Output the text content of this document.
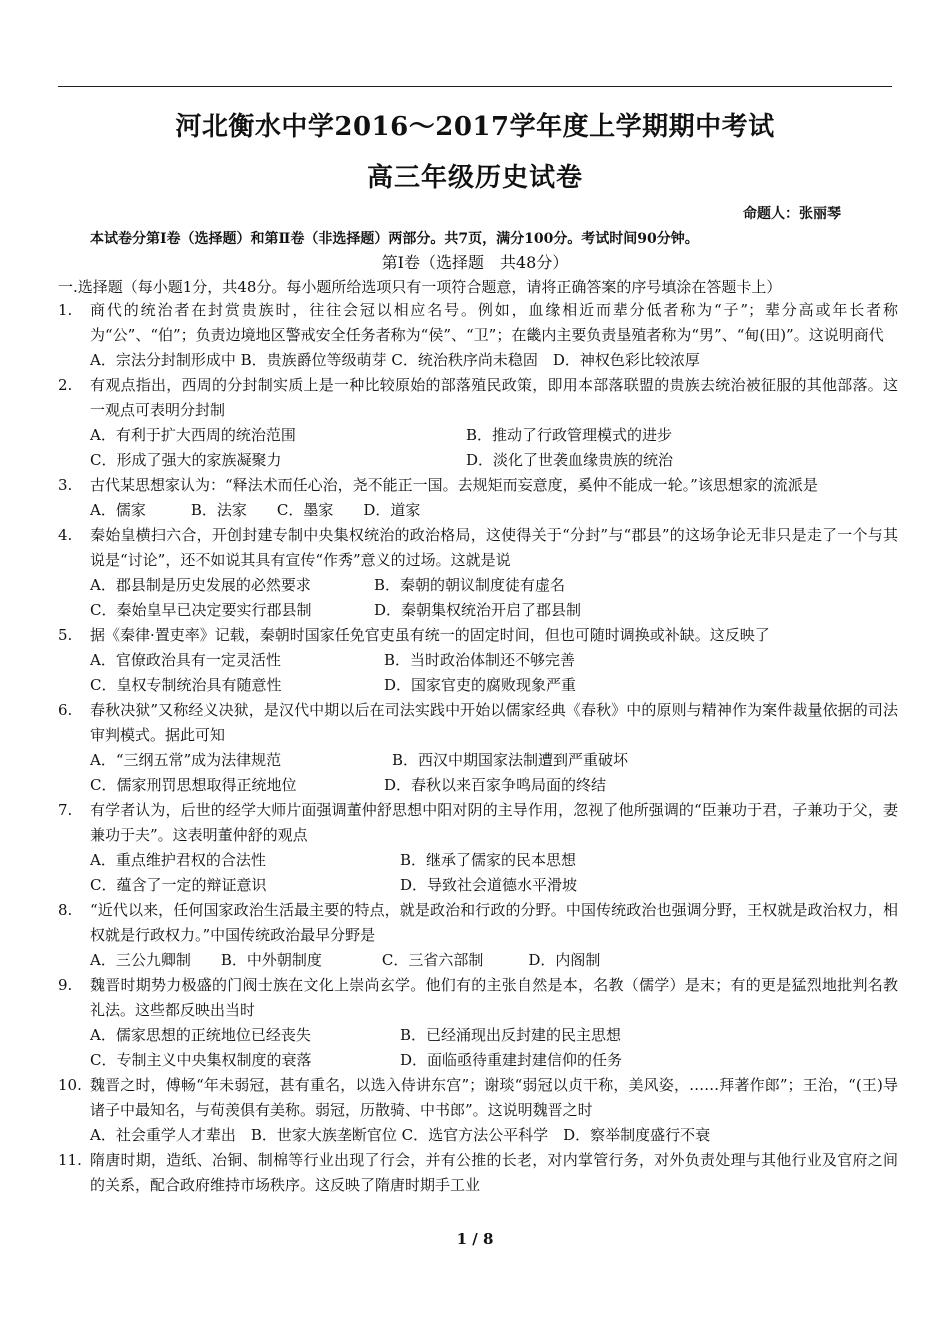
河北衡水中学2016～2017学年度上学期期中考试
高三年级历史试卷
命题人：张丽琴
本试卷分第Ⅰ卷（选择题）和第Ⅱ卷（非选择题）两部分。共7页，满分100分。考试时间90分钟。
第Ⅰ卷（选择题　共48分）
一.选择题（每小题1分，共48分。每小题所给选项只有一项符合题意，请将正确答案的序号填涂在答题卡上）
1. 商代的统治者在封赏贵族时，往往会冠以相应名号。例如，血缘相近而辈分低者称为“子”；辈分高或年长者称为“公”、“伯”；负责边境地区警戒安全任务者称为“侯”、“卫”；在畿内主要负责垦殖者称为“男”、“甸(田)”。这说明商代
A．宗法分封制形成中 B．贵族爵位等级萌芽 C．统治秩序尚未稳固　D．神权色彩比较浓厚
2. 有观点指出，西周的分封制实质上是一种比较原始的部落殖民政策，即用本部落联盟的贵族去统治被征服的其他部落。这一观点可表明分封制
A．有利于扩大西周的统治范围	B．推动了行政管理模式的进步
C．形成了强大的家族凝聚力	D．淡化了世袭血缘贵族的统治
3. 古代某思想家认为：“释法术而任心治，尧不能正一国。去规矩而妄意度，奚仲不能成一轮。”该思想家的流派是
A．儒家　　　B．法家　　C．墨家　　D．道家
4. 秦始皇横扫六合，开创封建专制中央集权统治的政治格局，这使得关于“分封”与“郡县”的这场争论无非只是走了一个与其说是“讨论”，还不如说其具有宣传“作秀”意义的过场。这就是说
A．郡县制是历史发展的必然要求	B．秦朝的朝议制度徒有虚名
C．秦始皇早已决定要实行郡县制	D．秦朝集权统治开启了郡县制
5. 据《秦律·置吏率》记载，秦朝时国家任免官吏虽有统一的固定时间，但也可随时调换或补缺。这反映了
A．官僚政治具有一定灵活性	B．当时政治体制还不够完善
C．皇权专制统治具有随意性	D．国家官吏的腐败现象严重
6. 春秋决狱”又称经义决狱，是汉代中期以后在司法实践中开始以儒家经典《春秋》中的原则与精神作为案件裁量依据的司法审判模式。据此可知
A．“三纲五常”成为法律规范	B．西汉中期国家法制遭到严重破坏
C．儒家刑罚思想取得正统地位	D．春秋以来百家争鸣局面的终结
7. 有学者认为，后世的经学大师片面强调董仲舒思想中阳对阴的主导作用，忽视了他所强调的“臣兼功于君，子兼功于父，妻兼功于夫”。这表明董仲舒的观点
A．重点维护君权的合法性	B．继承了儒家的民本思想
C．蕴含了一定的辩证意识	D．导致社会道德水平滑坡
8. “近代以来，任何国家政治生活最主要的特点，就是政治和行政的分野。中国传统政治也强调分野，王权就是政治权力，相权就是行政权力。”中国传统政治最早分野是
A．三公九卿制　　B．中外朝制度　　　　C．三省六部制　　　D．内阁制
9. 魏晋时期势力极盛的门阀士族在文化上崇尚玄学。他们有的主张自然是本，名教（儒学）是末；有的更是猛烈地批判名教礼法。这些都反映出当时
A．儒家思想的正统地位已经丧失	B．已经涌现出反封建的民主思想
C．专制主义中央集权制度的衰落	D．面临亟待重建封建信仰的任务
10. 魏晋之时，傅畅“年未弱冠，甚有重名，以选入侍讲东宫”；谢琰“弱冠以贞干称，美风姿，……拜著作郎”；王治，“(王)导诸子中最知名，与荀羡俱有美称。弱冠，历散骑、中书郎”。这说明魏晋之时
A．社会重学人才辈出　B．世家大族垄断官位 C．选官方法公平科学　D．察举制度盛行不衰
11. 隋唐时期，造纸、冶铜、制棉等行业出现了行会，并有公推的长老，对内掌管行务，对外负责处理与其他行业及官府之间的关系，配合政府维持市场秩序。这反映了隋唐时期手工业
1 / 8
